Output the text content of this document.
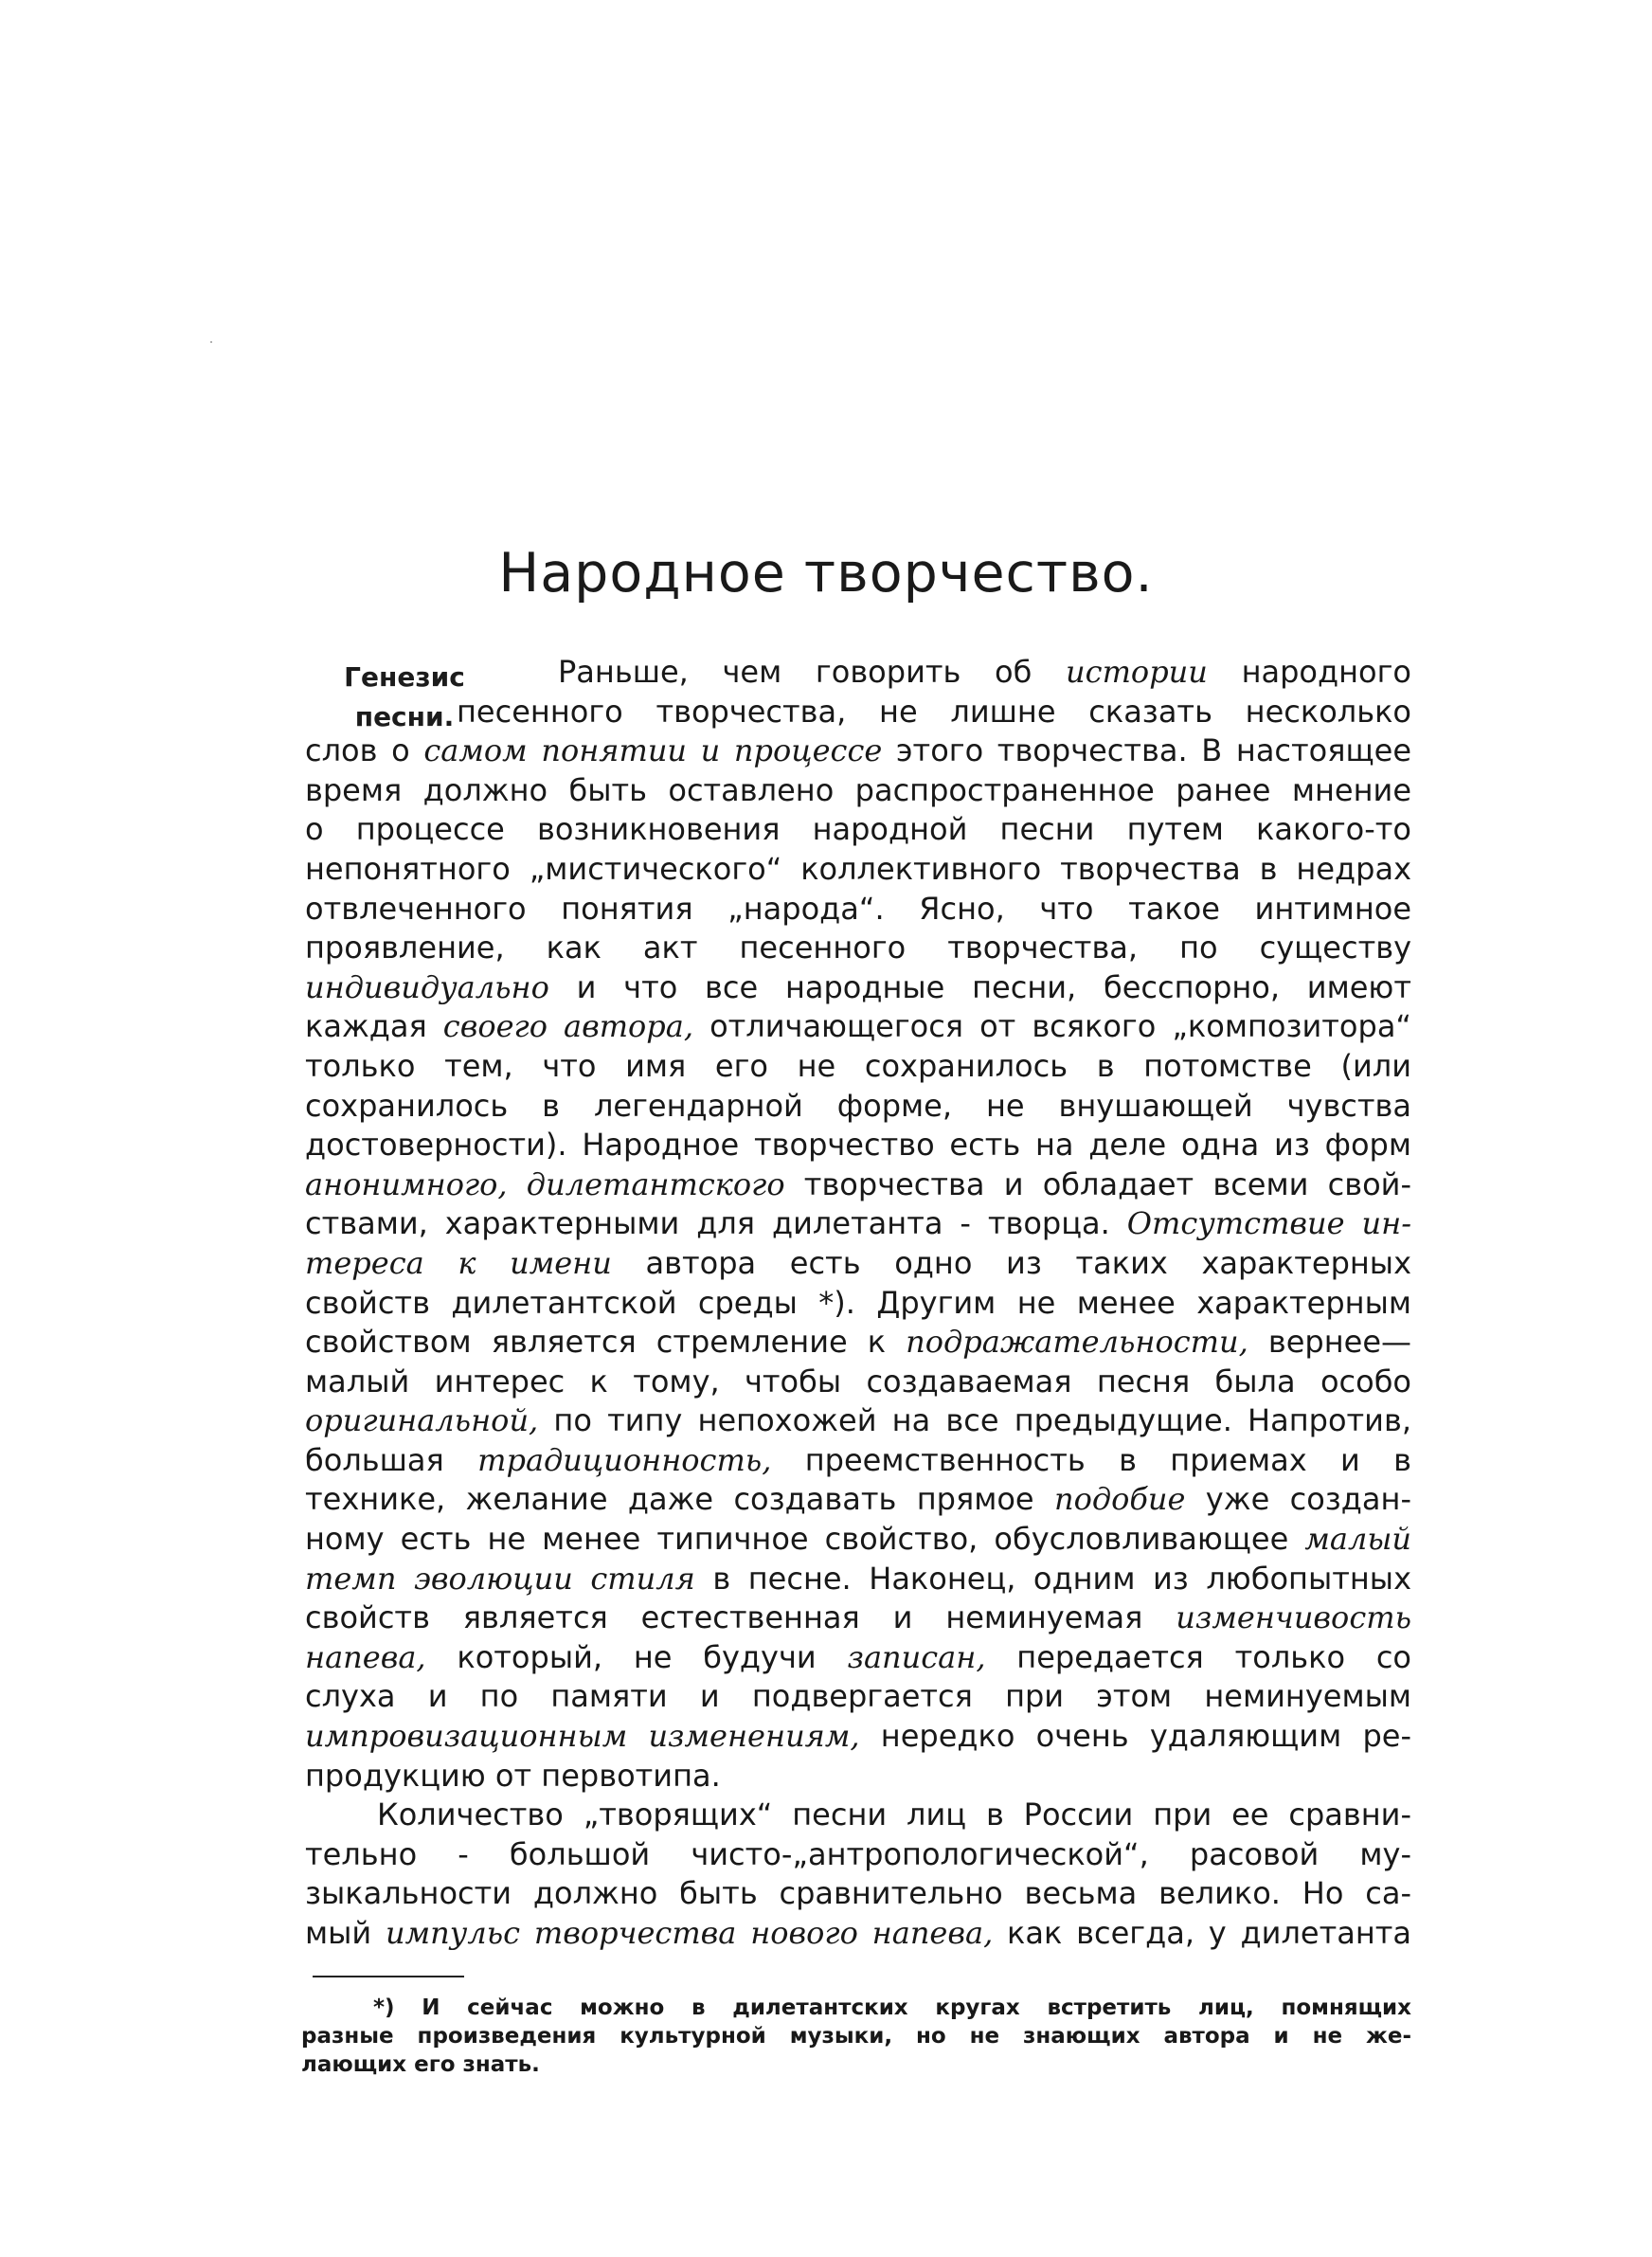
Народное творчество.
Генезис
песни.
Раньше, чем говорить об истории народного
песенного творчества, не лишне сказать несколько
слов о самом понятии и процессе этого творчества. В настоящее
время должно быть оставлено распространенное ранее мнение
о процессе возникновения народной песни путем какого-то
непонятного „мистического“ коллективного творчества в недрах
отвлеченного понятия „народа“. Ясно, что такое интимное
проявление, как акт песенного творчества, по существу
индивидуально и что все народные песни, бесспорно, имеют
каждая своего автора, отличающегося от всякого „композитора“
только тем, что имя его не сохранилось в потомстве (или
сохранилось в легендарной форме, не внушающей чувства
достоверности). Народное творчество есть на деле одна из форм
анонимного, дилетантского творчества и обладает всеми свой-
ствами, характерными для дилетанта - творца. Отсутствие ин-
тереса к имени автора есть одно из таких характерных
свойств дилетантской среды *). Другим не менее характерным
свойством является стремление к подражательности, вернее—
малый интерес к тому, чтобы создаваемая песня была особо
оригинальной, по типу непохожей на все предыдущие. Напротив,
большая традиционность, преемственность в приемах и в
технике, желание даже создавать прямое подобие уже создан-
ному есть не менее типичное свойство, обусловливающее малый
темп эволюции стиля в песне. Наконец, одним из любопытных
свойств является естественная и неминуемая изменчивость
напева, который, не будучи записан, передается только со
слуха и по памяти и подвергается при этом неминуемым
импровизационным изменениям, нередко очень удаляющим ре-
продукцию от первотипа.
Количество „творящих“ песни лиц в России при ее сравни-
тельно - большой чисто-„антропологической“, расовой му-
зыкальности должно быть сравнительно весьма велико. Но са-
мый импульс творчества нового напева, как всегда, у дилетанта
*) И сейчас можно в дилетантских кругах встретить лиц, помнящих
разные произведения культурной музыки, но не знающих автора и не же-
лающих его знать.
